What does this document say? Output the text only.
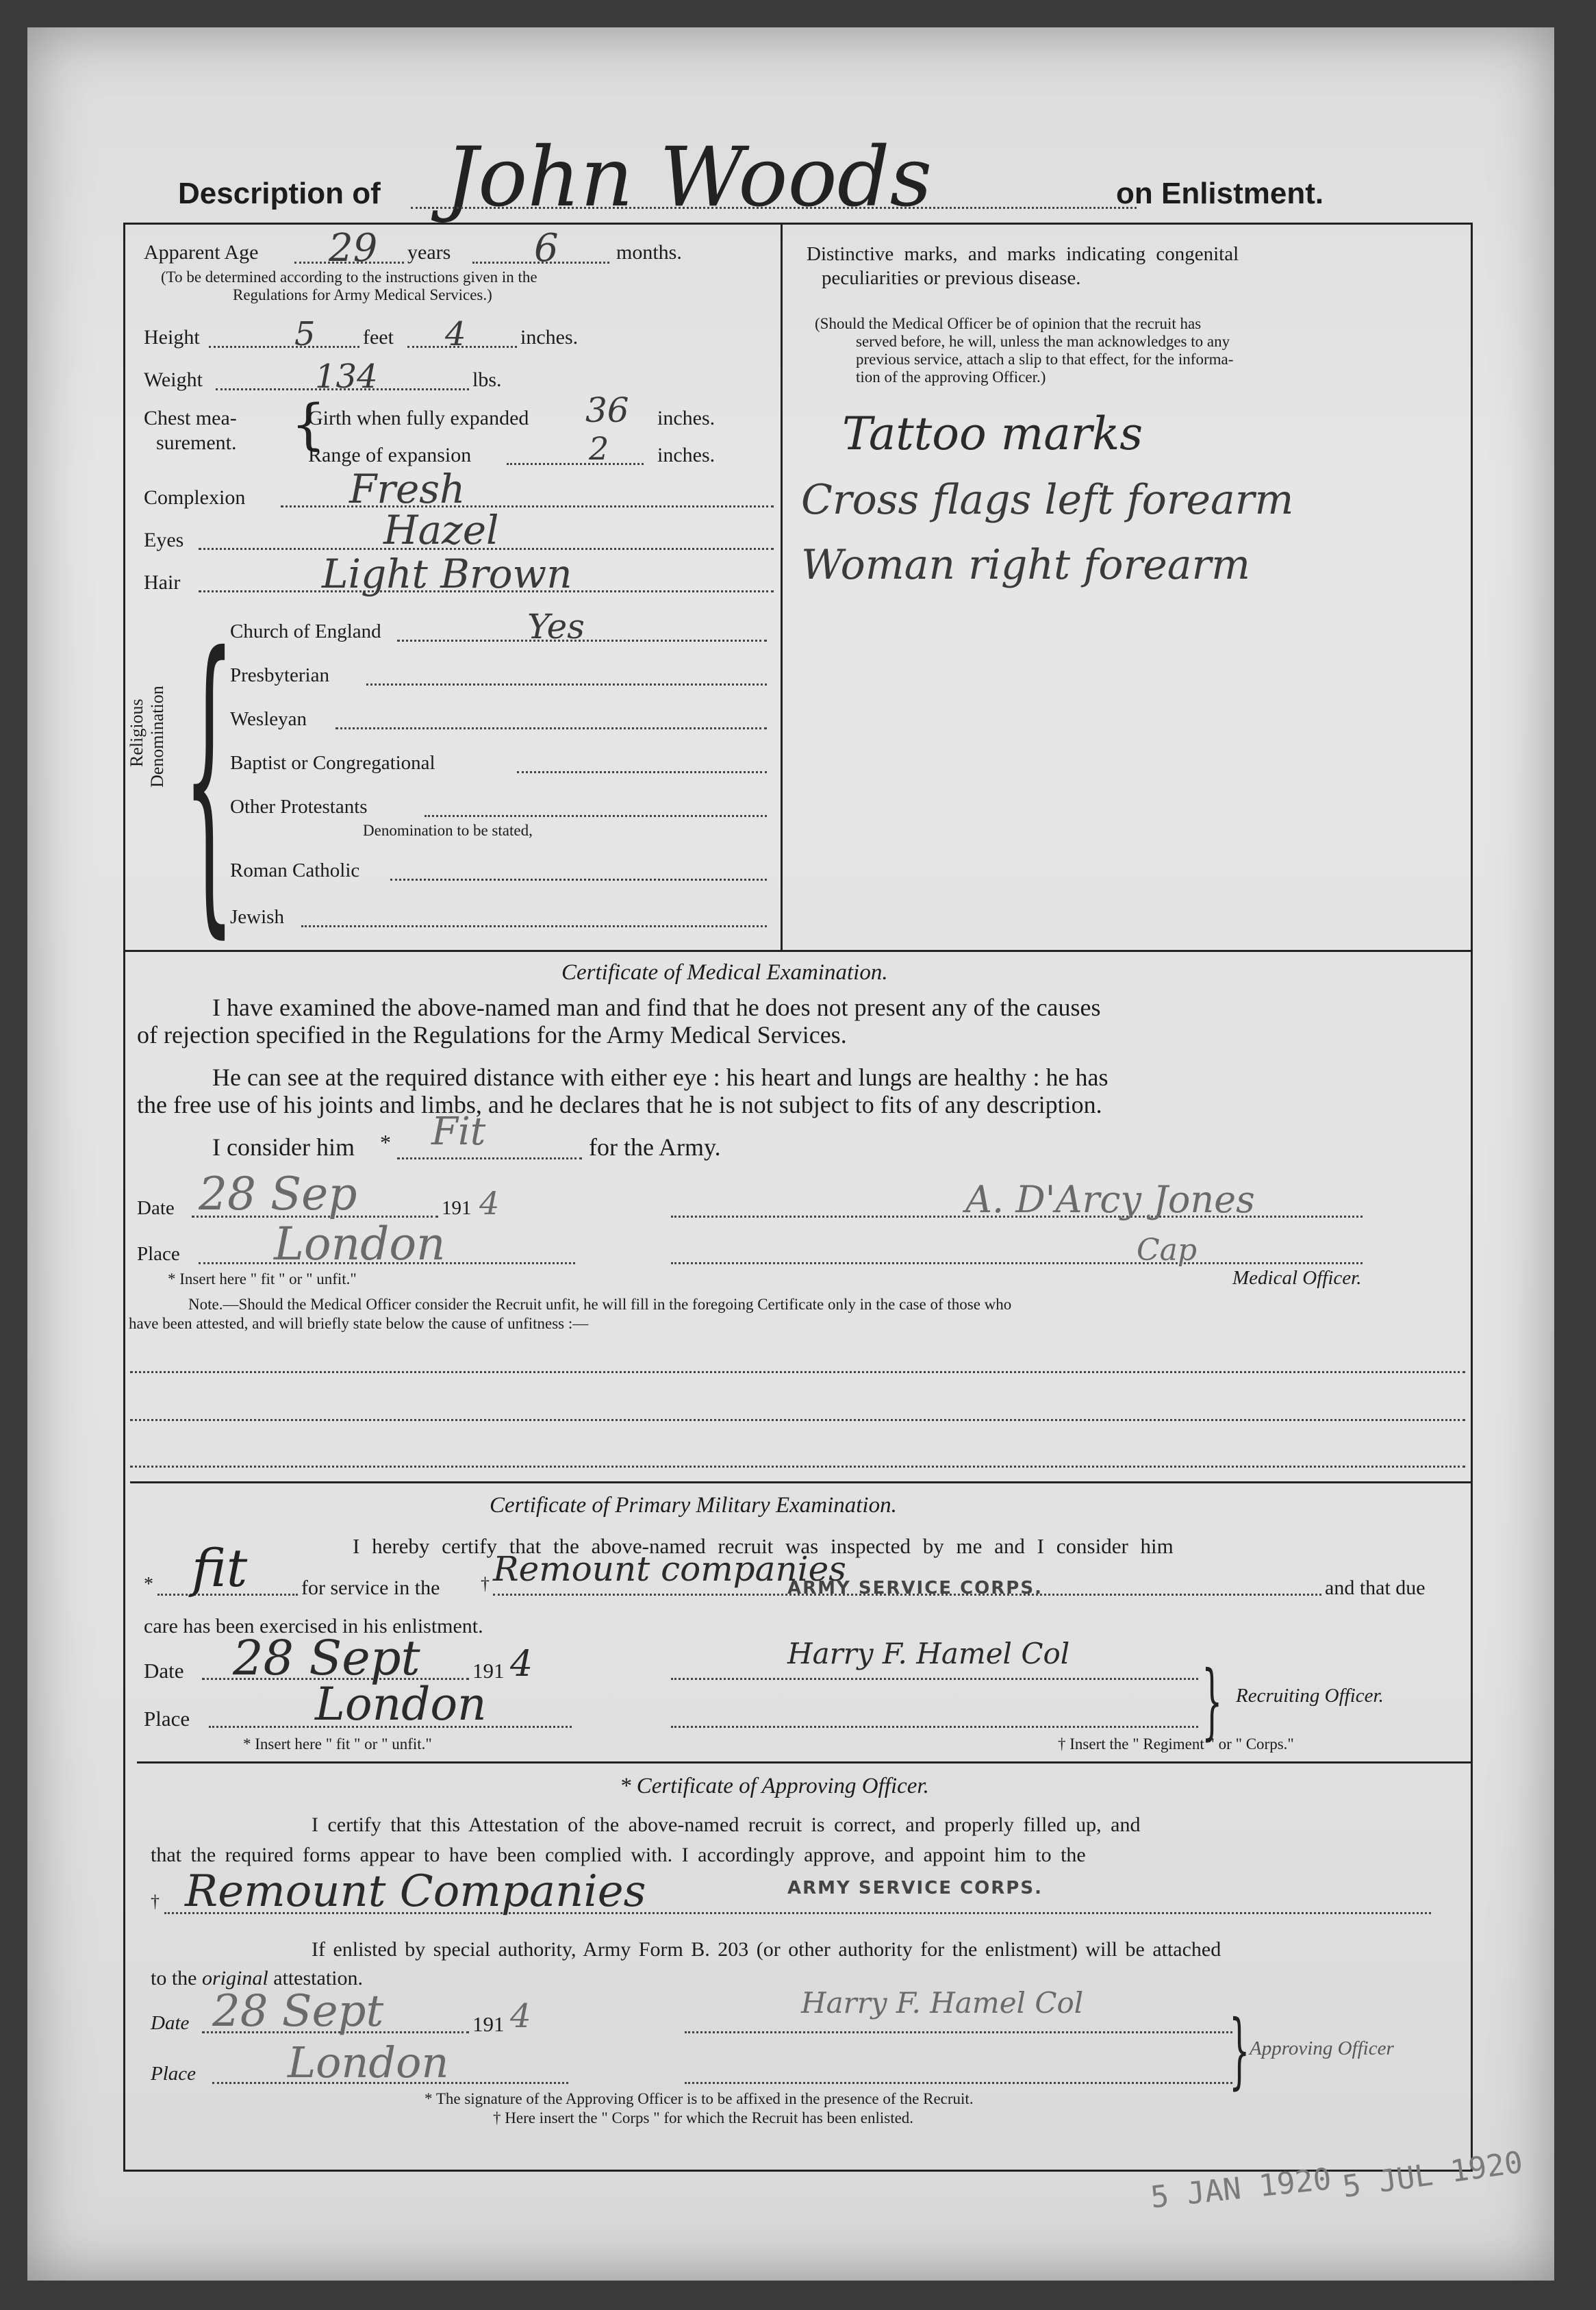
Description of John Woods	on Enlistment.
Apparent Age 29 years 6	months.
(To be determined according to the instructions given in the
Regulations for Army Medical Services.)
Height	5 feet 4	inches.
Weight	134	lbs.
Chest mea-
surement. {
Girth when fully expanded 36 inches.
Range of expansion	2 inches.
Complexion	Fresh
Eyes	Hazel
Hair	Light Brown
Religious Denomination {
Church of England	Yes
Presbyterian
Wesleyan
Baptist or Congregational
Other Protestants
Denomination to be stated,
Roman Catholic
Jewish
Distinctive marks, and marks indicating congenital
peculiarities or previous disease.
(Should the Medical Officer be of opinion that the recruit has
served before, he will, unless the man acknowledges to any
previous service, attach a slip to that effect, for the informa-
tion of the approving Officer.)
Tattoo marks
Cross flags left forearm
Woman right forearm
Certificate of Medical Examination.
I have examined the above-named man and find that he does not present any of the causes
of rejection specified in the Regulations for the Army Medical Services.
He can see at the required distance with either eye : his heart and lungs are healthy : he has
the free use of his joints and limbs, and he declares that he is not subject to fits of any description.
I consider him * Fit	for the Army.
Date 28 Sep	191 4	A. D'Arcy Jones
Place London	Cap
* Insert here " fit " or " unfit."	Medical Officer.
Note.—Should the Medical Officer consider the Recruit unfit, he will fill in the foregoing Certificate only in the case of those who
have been attested, and will briefly state below the cause of unfitness :—
Certificate of Primary Military Examination.
I hereby certify that the above-named recruit was inspected by me and I consider him
* fit	for service in the † Remount companies
ARMY SERVICE CORPS.	and that due
care has been exercised in his enlistment.
Date 28 Sept 191 4	Harry F. Hamel Col
} Recruiting Officer.
Place	London
* Insert here " fit " or " unfit."	† Insert the " Regiment " or " Corps."
* Certificate of Approving Officer.
I certify that this Attestation of the above-named recruit is correct, and properly filled up, and
that the required forms appear to have been complied with. I accordingly approve, and appoint him to the
† Remount Companies	ARMY SERVICE CORPS.
If enlisted by special authority, Army Form B. 203 (or other authority for the enlistment) will be attached
to the original attestation.
Date 28 Sept	191 4	Harry F. Hamel Col
} Approving Officer
Place London
* The signature of the Approving Officer is to be affixed in the presence of the Recruit.
† Here insert the " Corps " for which the Recruit has been enlisted.
5 JAN 1920 5 JUL 1920
